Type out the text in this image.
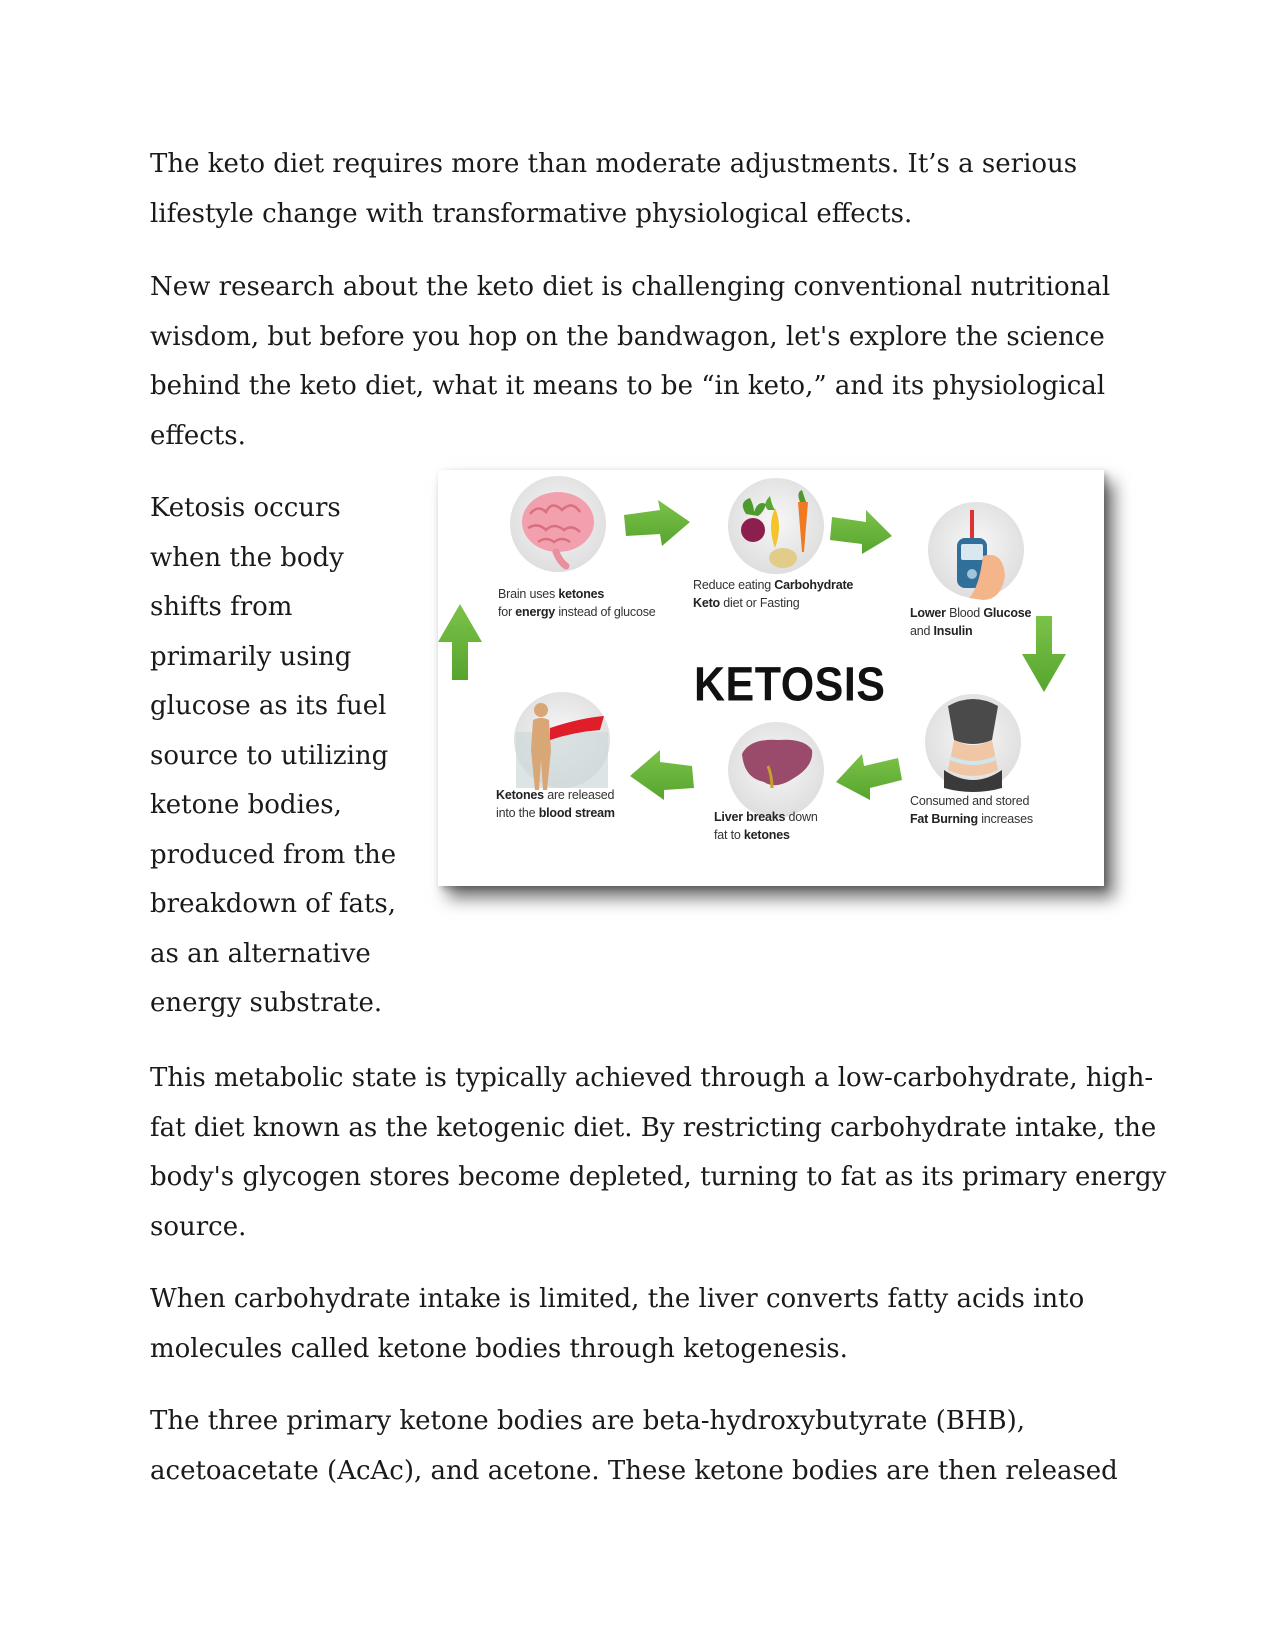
The keto diet requires more than moderate adjustments. It’s a serious
lifestyle change with transformative physiological effects.
New research about the keto diet is challenging conventional nutritional
wisdom, but before you hop on the bandwagon, let's explore the science
behind the keto diet, what it means to be “in keto,” and its physiological
effects.
Ketosis occurs
when the body
shifts from
primarily using
glucose as its fuel
source to utilizing
ketone bodies,
produced from the
breakdown of fats,
as an alternative
energy substrate.
KETOSIS
Brain uses ketones
for energy instead of glucose
Reduce eating Carbohydrate
Keto diet or Fasting
Lower Blood Glucose
and Insulin
Consumed and stored
Fat Burning increases
Liver breaks down
fat to ketones
Ketones are released
into the blood stream
This metabolic state is typically achieved through a low-carbohydrate, high-
fat diet known as the ketogenic diet. By restricting carbohydrate intake, the
body's glycogen stores become depleted, turning to fat as its primary energy
source.
When carbohydrate intake is limited, the liver converts fatty acids into
molecules called ketone bodies through ketogenesis.
The three primary ketone bodies are beta-hydroxybutyrate (BHB),
acetoacetate (AcAc), and acetone. These ketone bodies are then released
